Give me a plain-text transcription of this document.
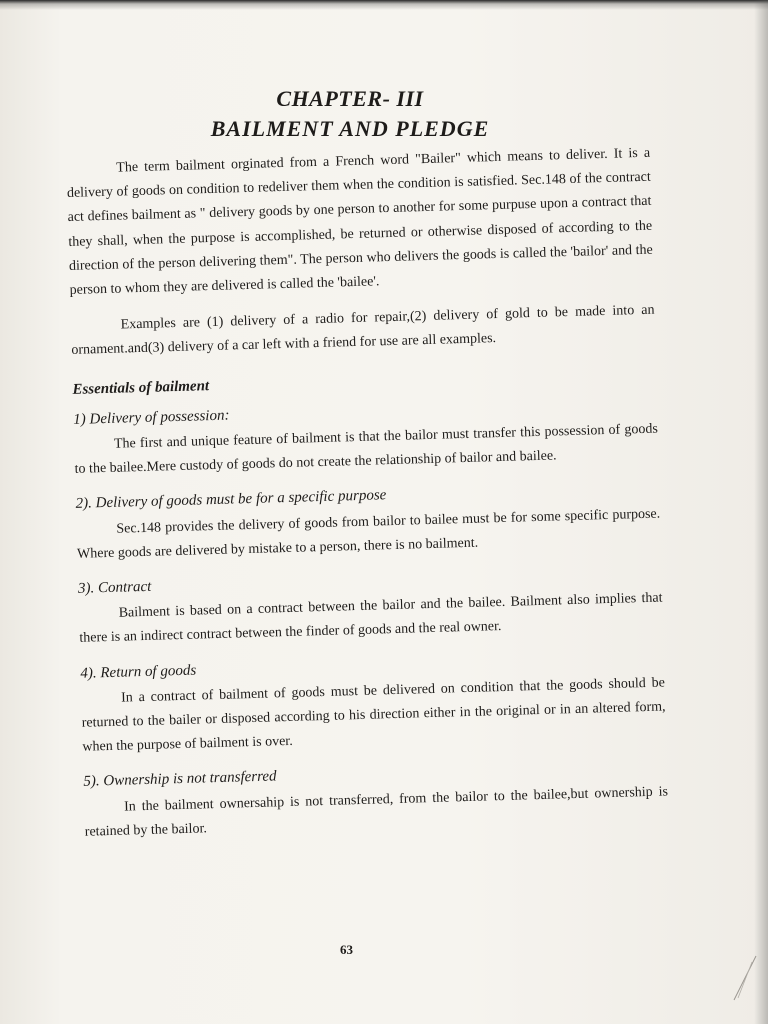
CHAPTER- III
BAILMENT AND PLEDGE

The term bailment orginated from a French word "Bailer" which means to deliver. It is a delivery of goods on condition to redeliver them when the condition is satisfied. Sec.148 of the contract act defines bailment as " delivery goods by one person to another for some purpuse upon a contract that they shall, when the purpose is accomplished, be returned or otherwise disposed of according to the direction of the person delivering them". The person who delivers the goods is called the 'bailor' and the person to whom they are delivered is called the 'bailee'.

Examples are (1) delivery of a radio for repair,(2) delivery of gold to be made into an ornament.and(3) delivery of a car left with a friend for use are all examples.

Essentials of bailment
1) Delivery of possession:

The first and unique feature of bailment is that the bailor must transfer this possession of goods to the bailee.Mere custody of goods do not create the relationship of bailor and bailee.

2). Delivery of goods must be for a specific purpose

Sec.148 provides the delivery of goods from bailor to bailee must be for some specific purpose. Where goods are delivered by mistake to a person, there is no bailment.

3). Contract

Bailment is based on a contract between the bailor and the bailee. Bailment also implies that there is an indirect contract between the finder of goods and the real owner.

4). Return of goods

In a contract of bailment of goods must be delivered on condition that the goods should be returned to the bailer or disposed according to his direction either in the original or in an altered form, when the purpose of bailment is over.

5). Ownership is not transferred

In the bailment ownersahip is not transferred, from the bailor to the bailee,but ownership is retained by the bailor.

63
